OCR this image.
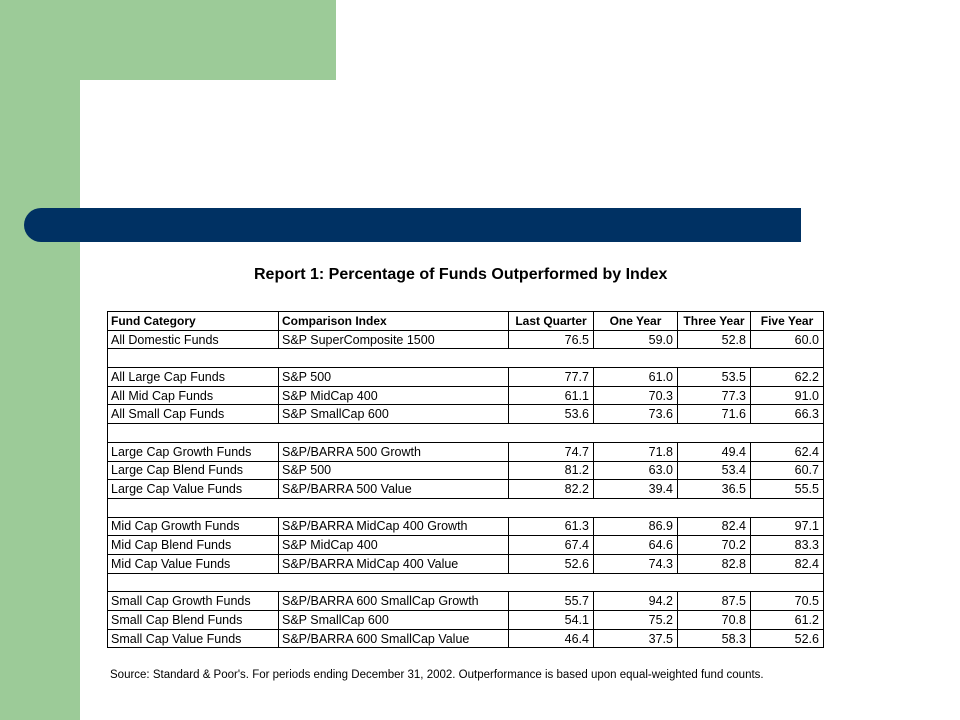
Report 1: Percentage of Funds Outperformed by Index
Fund Category	Comparison Index	Last Quarter	One Year	Three Year	Five Year
All Domestic Funds	S&P SuperComposite 1500	76.5	59.0	52.8	60.0

All Large Cap Funds	S&P 500	77.7	61.0	53.5	62.2
All Mid Cap Funds	S&P MidCap 400	61.1	70.3	77.3	91.0
All Small Cap Funds	S&P SmallCap 600	53.6	73.6	71.6	66.3

Large Cap Growth Funds	S&P/BARRA 500 Growth	74.7	71.8	49.4	62.4
Large Cap Blend Funds	S&P 500	81.2	63.0	53.4	60.7
Large Cap Value Funds	S&P/BARRA 500 Value	82.2	39.4	36.5	55.5

Mid Cap Growth Funds	S&P/BARRA MidCap 400 Growth	61.3	86.9	82.4	97.1
Mid Cap Blend Funds	S&P MidCap 400	67.4	64.6	70.2	83.3
Mid Cap Value Funds	S&P/BARRA MidCap 400 Value	52.6	74.3	82.8	82.4

Small Cap Growth Funds	S&P/BARRA 600 SmallCap Growth	55.7	94.2	87.5	70.5
Small Cap Blend Funds	S&P SmallCap 600	54.1	75.2	70.8	61.2
Small Cap Value Funds	S&P/BARRA 600 SmallCap Value	46.4	37.5	58.3	52.6
Source: Standard & Poor's. For periods ending December 31, 2002. Outperformance is based upon equal-weighted fund counts.
